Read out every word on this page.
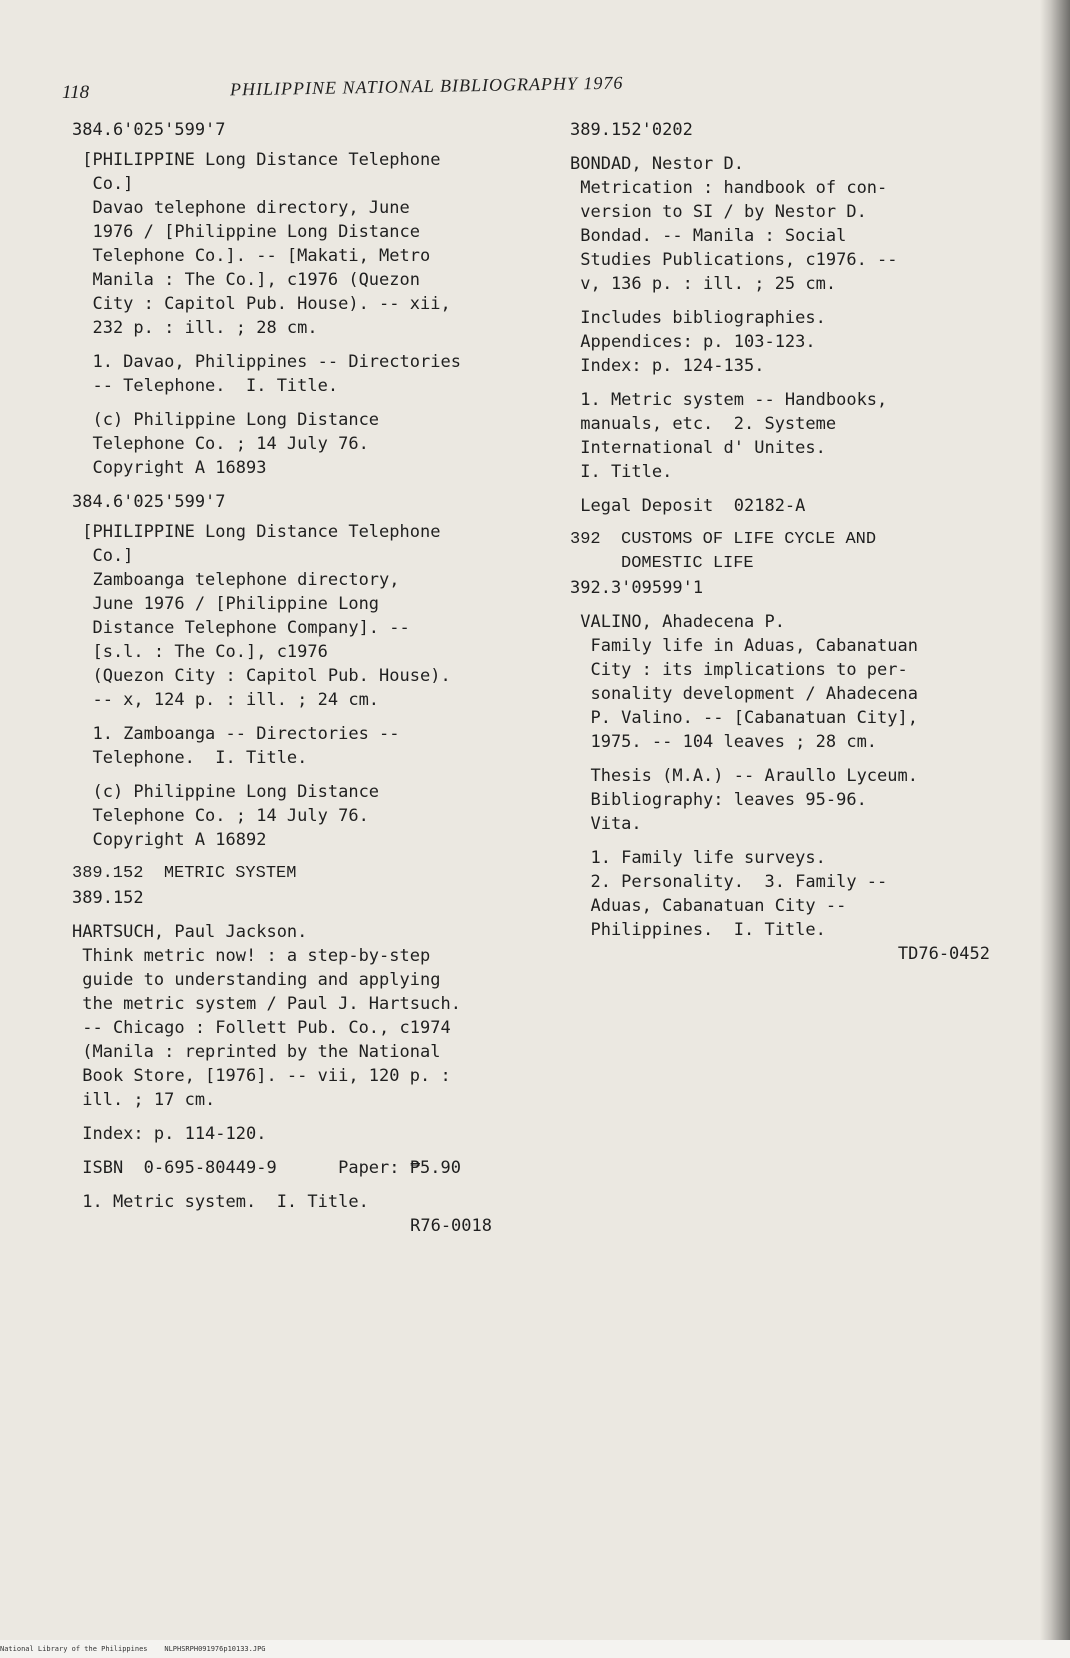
National Library of the Philippines    NLPHSRPH091976p10133.JPG
118	PHILIPPINE NATIONAL BIBLIOGRAPHY 1976

384.6'025'599'7

[PHILIPPINE Long Distance Telephone

Co.]

Davao telephone directory, June

1976 / [Philippine Long Distance

Telephone Co.]. -- [Makati, Metro

Manila : The Co.], c1976 (Quezon

City : Capitol Pub. House). -- xii,

232 p. : ill. ; 28 cm.

1. Davao, Philippines -- Directories

-- Telephone.  I. Title.

(c) Philippine Long Distance

Telephone Co. ; 14 July 76.

Copyright A 16893

384.6'025'599'7

[PHILIPPINE Long Distance Telephone

Co.]

Zamboanga telephone directory,

June 1976 / [Philippine Long

Distance Telephone Company]. --

[s.l. : The Co.], c1976

(Quezon City : Capitol Pub. House).

-- x, 124 p. : ill. ; 24 cm.

1. Zamboanga -- Directories --

Telephone.  I. Title.

(c) Philippine Long Distance

Telephone Co. ; 14 July 76.

Copyright A 16892

389.152  METRIC SYSTEM

389.152

HARTSUCH, Paul Jackson.

Think metric now! : a step-by-step

guide to understanding and applying

the metric system / Paul J. Hartsuch.

-- Chicago : Follett Pub. Co., c1974

(Manila : reprinted by the National

Book Store, [1976]. -- vii, 120 p. :

ill. ; 17 cm.

Index: p. 114-120.

ISBN  0-695-80449-9      Paper: ₱5.90

1. Metric system.  I. Title.

R76-0018

389.152'0202

BONDAD, Nestor D.

Metrication : handbook of con-

version to SI / by Nestor D.

Bondad. -- Manila : Social

Studies Publications, c1976. --

v, 136 p. : ill. ; 25 cm.

Includes bibliographies.

Appendices: p. 103-123.

Index: p. 124-135.

1. Metric system -- Handbooks,

manuals, etc.  2. Systeme

International d' Unites.

I. Title.

Legal Deposit  02182-A

392  CUSTOMS OF LIFE CYCLE AND

DOMESTIC LIFE

392.3'09599'1

VALINO, Ahadecena P.

Family life in Aduas, Cabanatuan

City : its implications to per-

sonality development / Ahadecena

P. Valino. -- [Cabanatuan City],

1975. -- 104 leaves ; 28 cm.

Thesis (M.A.) -- Araullo Lyceum.

Bibliography: leaves 95-96.

Vita.

1. Family life surveys.

2. Personality.  3. Family --

Aduas, Cabanatuan City --

Philippines.  I. Title.

TD76-0452
